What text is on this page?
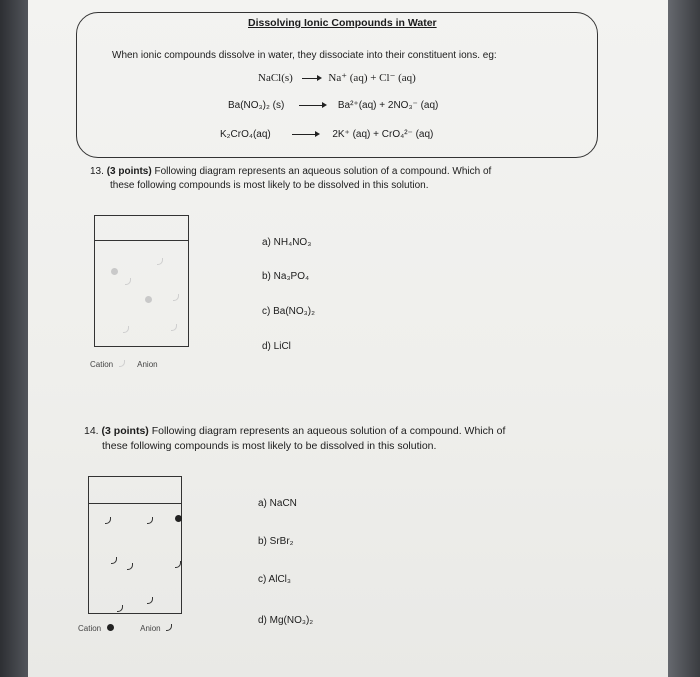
Dissolving Ionic Compounds in Water
When ionic compounds dissolve in water, they dissociate into their constituent ions. eg:
NaCl(s)	Na⁺ (aq) + Cl⁻ (aq)
Ba(NO₃)₂ (s)	Ba²⁺(aq) + 2NO₃⁻ (aq)
K₂CrO₄(aq)	2K⁺ (aq) + CrO₄²⁻ (aq)
13. (3 points) Following diagram represents an aqueous solution of a compound. Which of
these following compounds is most likely to be dissolved in this solution.
Cation	Anion
a) NH₄NO₃
b) Na₃PO₄
c) Ba(NO₃)₂
d) LiCl
14. (3 points) Following diagram represents an aqueous solution of a compound. Which of
these following compounds is most likely to be dissolved in this solution.
Cation	Anion
a) NaCN
b) SrBr₂
c) AlCl₃
d) Mg(NO₃)₂
